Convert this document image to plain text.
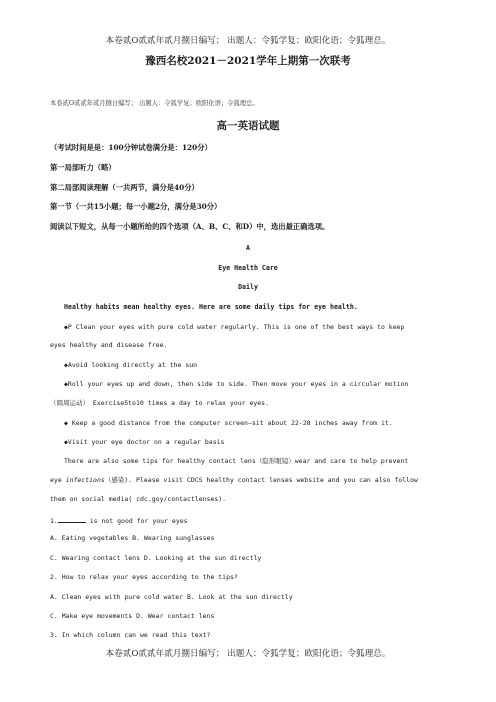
本卷贰O贰贰年贰月捌日编写； 出题人：令狐学复；欧阳化语；令狐理总。
豫西名校2021－2021学年上期第一次联考
本卷贰O贰贰年贰月捌日编写； 出题人：令狐学复；欧阳化语；令狐理总。
高一英语试题
（考试时间是是：100分钟试卷满分是：120分）
第一局部听力（略）
第二局部阅读理解（一共两节，满分是40分）
第一节（一共15小题；每一小题2分，满分是30分）
阅读以下短文，从每一小题所给的四个选项（A、B、C、和D）中，选出最正确选项。
A
Eye Health Care
Daily
Healthy habits mean healthy eyes. Here are some daily tips for eye health.
◆P Clean your eyes with pure cold water regularly. This is one of the best ways to keep
eyes healthy and disease free.
◆Avoid looking directly at the sun
◆Roll your eyes up and down, then side to side. Then move your eyes in a circular motion
（圆周运动） Exercise5to10 times a day to relax your eyes.
◆ Keep a good distance from the computer screen—sit about 22-28 inches away from it.
◆Visit your eye doctor on a regular basis
There are also some tips for healthy contact lens（隐形眼镜）wear and care to help prevent
eye infections（感染). Please visit CDCS healthy contact lenses website and you can also follow
them on social media( cdc.goy/contactlenses).
1.	is not good for your eyes
A. Eating vegetables B. Wearing sunglasses
C. Wearing contact lens D. Looking at the sun directly
2. How to relax your eyes according to the tips?
A. Clean eyes with pure cold water B. Look at the sun directly
C. Make eye movements D. Wear contact lens
3. In which column can we read this text?
本卷贰O贰贰年贰月捌日编写； 出题人：令狐学复；欧阳化语；令狐理总。
